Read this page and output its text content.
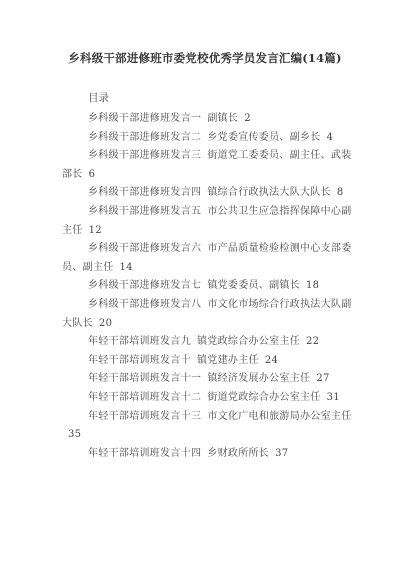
乡科级干部进修班市委党校优秀学员发言汇编(14篇)
目录
乡科级干部进修班发言一 副镇长 2
乡科级干部进修班发言二 乡党委宣传委员、副乡长 4
乡科级干部进修班发言三 街道党工委委员、副主任、武装部长 6
乡科级干部进修班发言四 镇综合行政执法大队大队长 8
乡科级干部进修班发言五 市公共卫生应急指挥保障中心副主任 12
乡科级干部进修班发言六 市产品质量检验检测中心支部委员、副主任 14
乡科级干部进修班发言七 镇党委委员、副镇长 18
乡科级干部进修班发言八 市文化市场综合行政执法大队副大队长 20
年轻干部培训班发言九 镇党政综合办公室主任 22
年轻干部培训班发言十 镇党建办主任 24
年轻干部培训班发言十一 镇经济发展办公室主任 27
年轻干部培训班发言十二 街道党政综合办公室主任 31
年轻干部培训班发言十三 市文化广电和旅游局办公室主任35
年轻干部培训班发言十四 乡财政所所长 37
